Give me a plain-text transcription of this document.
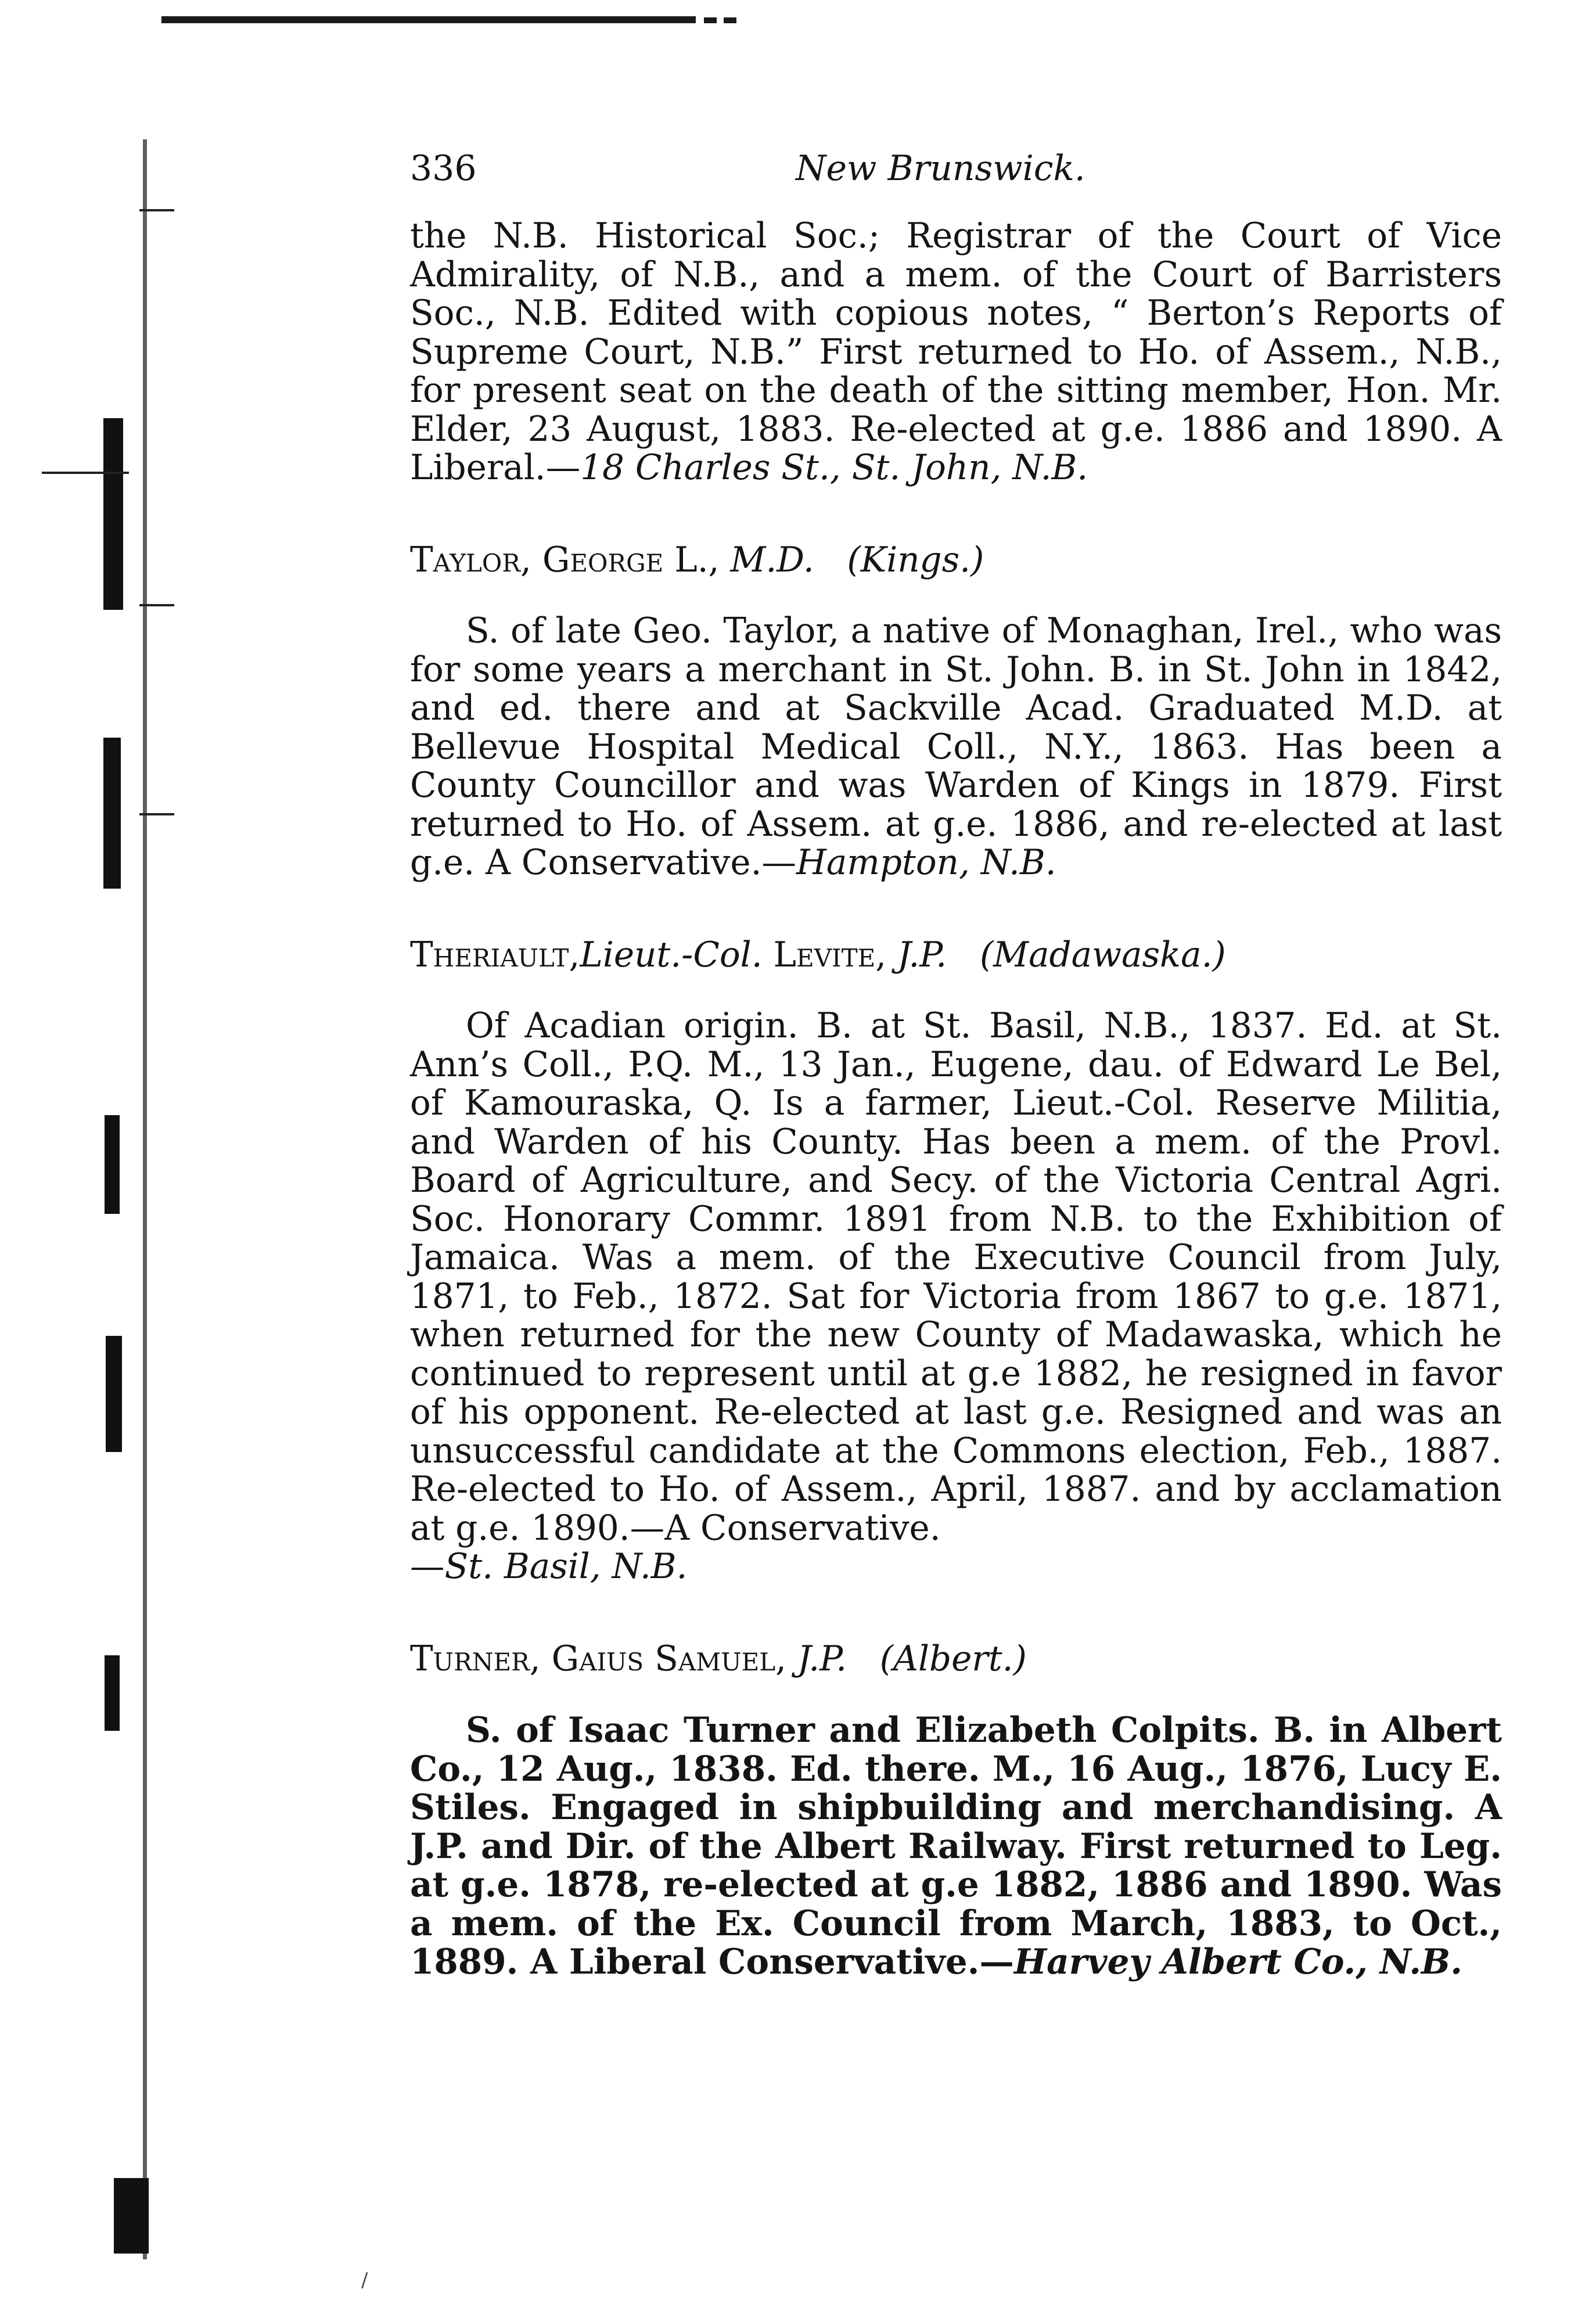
336	New Brunswick.

the N.B. Historical Soc.; Registrar of the Court of Vice Admirality, of N.B., and a mem. of the Court of Barristers Soc., N.B. Edited with copious notes, “ Berton’s Reports of Supreme Court, N.B.” First returned to Ho. of Assem., N.B., for present seat on the death of the sitting member, Hon. Mr. Elder, 23 August, 1883. Re-elected at g.e. 1886 and 1890. A Liberal.—18 Charles St., St. John, N.B.

Taylor, George L., M.D. (Kings.)

S. of late Geo. Taylor, a native of Monaghan, Irel., who was for some years a merchant in St. John. B. in St. John in 1842, and ed. there and at Sackville Acad. Graduated M.D. at Bellevue Hospital Medical Coll., N.Y., 1863. Has been a County Councillor and was Warden of Kings in 1879. First returned to Ho. of Assem. at g.e. 1886, and re-elected at last g.e. A Conservative.—Hampton, N.B.

Theriault,Lieut.-Col. Levite, J.P. (Madawaska.)

Of Acadian origin. B. at St. Basil, N.B., 1837. Ed. at St. Ann’s Coll., P.Q. M., 13 Jan., Eugene, dau. of Edward Le Bel, of Kamouraska, Q. Is a farmer, Lieut.-Col. Reserve Militia, and Warden of his County. Has been a mem. of the Provl. Board of Agriculture, and Secy. of the Victoria Central Agri. Soc. Honorary Commr. 1891 from N.B. to the Exhibition of Jamaica. Was a mem. of the Executive Council from July, 1871, to Feb., 1872. Sat for Victoria from 1867 to g.e. 1871, when returned for the new County of Madawaska, which he continued to represent until at g.e 1882, he resigned in favor of his opponent. Re-elected at last g.e. Resigned and was an unsuccessful candidate at the Commons election, Feb., 1887. Re-elected to Ho. of Assem., April, 1887. and by acclamation at g.e. 1890.—A Conservative.

—St. Basil, N.B.

Turner, Gaius Samuel, J.P. (Albert.)

S. of Isaac Turner and Elizabeth Colpits. B. in Albert Co., 12 Aug., 1838. Ed. there. M., 16 Aug., 1876, Lucy E. Stiles. Engaged in shipbuilding and merchandising. A J.P. and Dir. of the Albert Railway. First returned to Leg. at g.e. 1878, re-elected at g.e 1882, 1886 and 1890. Was a mem. of the Ex. Council from March, 1883, to Oct., 1889. A Liberal Conservative.—Harvey Albert Co., N.B.

/
